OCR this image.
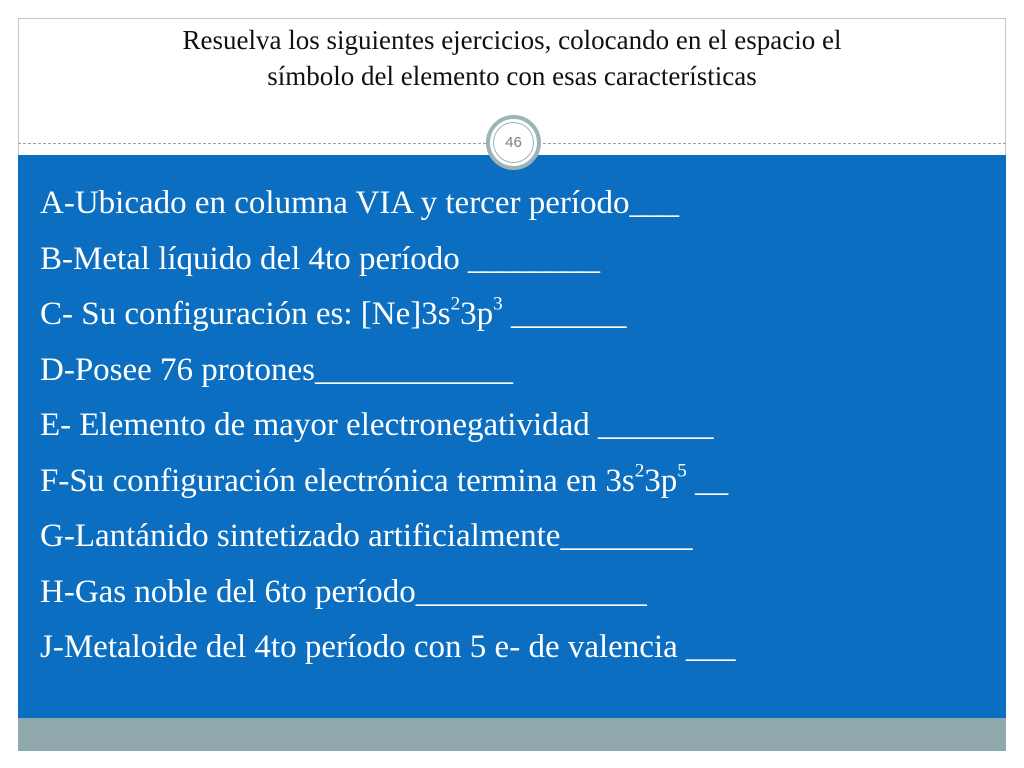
Resuelva los siguientes ejercicios, colocando en el espacio el
símbolo del elemento con esas características
46
A-Ubicado en columna VIA y tercer período___
B-Metal líquido del 4to período ________
C- Su configuración es: $[Ne]3s^23p^3$ _______
D-Posee 76 protones____________
E- Elemento de mayor electronegatividad _______
F-Su configuración electrónica termina en $3s^23p^5$ __
G-Lantánido sintetizado artificialmente________
H-Gas noble del 6to período______________
J-Metaloide del 4to período con 5 e- de valencia ___
